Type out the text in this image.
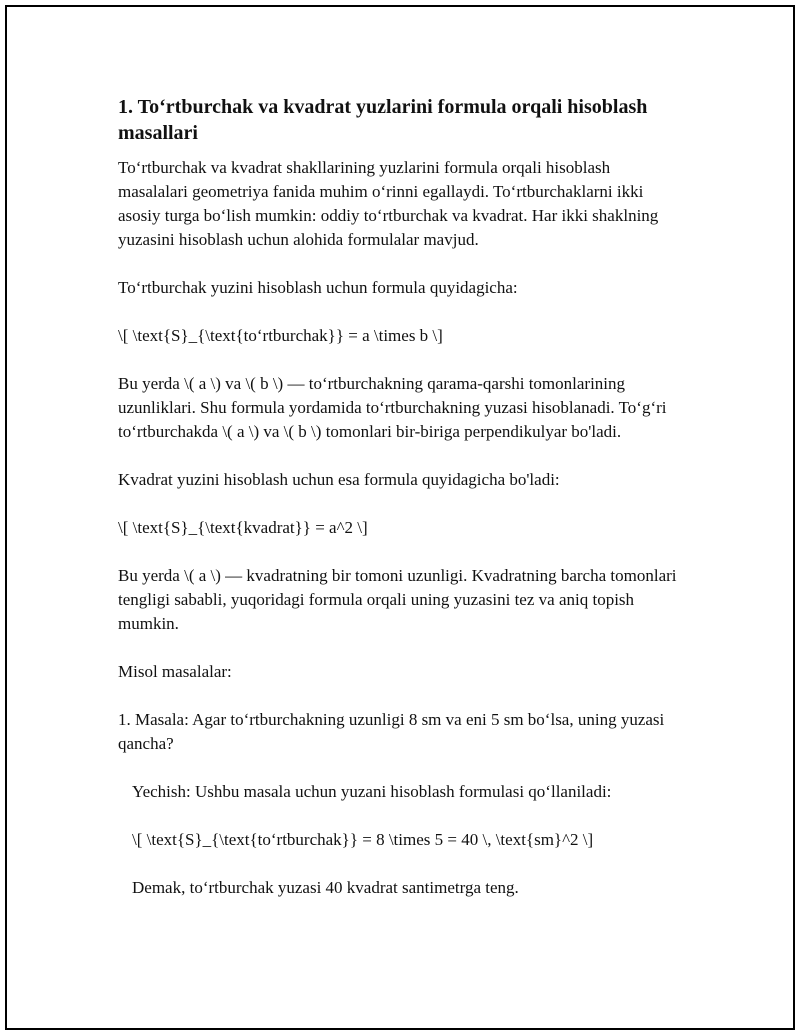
1. To‘rtburchak va kvadrat yuzlarini formula orqali hisoblash masallari

To‘rtburchak va kvadrat shakllarining yuzlarini formula orqali hisoblash masalalari geometriya fanida muhim o‘rinni egallaydi. To‘rtburchaklarni ikki asosiy turga bo‘lish mumkin: oddiy to‘rtburchak va kvadrat. Har ikki shaklning yuzasini hisoblash uchun alohida formulalar mavjud.

To‘rtburchak yuzini hisoblash uchun formula quyidagicha:

\[ \text{S}_{\text{to‘rtburchak}} = a \times b \]

Bu yerda \( a \) va \( b \) — to‘rtburchakning qarama-qarshi tomonlarining uzunliklari. Shu formula yordamida to‘rtburchakning yuzasi hisoblanadi. To‘g‘ri to‘rtburchakda \( a \) va \( b \) tomonlari bir-biriga perpendikulyar bo'ladi.

Kvadrat yuzini hisoblash uchun esa formula quyidagicha bo'ladi:

\[ \text{S}_{\text{kvadrat}} = a^2 \]

Bu yerda \( a \) — kvadratning bir tomoni uzunligi. Kvadratning barcha tomonlari tengligi sababli, yuqoridagi formula orqali uning yuzasini tez va aniq topish mumkin.

Misol masalalar:

1. Masala: Agar to‘rtburchakning uzunligi 8 sm va eni 5 sm bo‘lsa, uning yuzasi qancha?

Yechish: Ushbu masala uchun yuzani hisoblash formulasi qo‘llaniladi:

\[ \text{S}_{\text{to‘rtburchak}} = 8 \times 5 = 40 \, \text{sm}^2 \]

Demak, to‘rtburchak yuzasi 40 kvadrat santimetrga teng.
